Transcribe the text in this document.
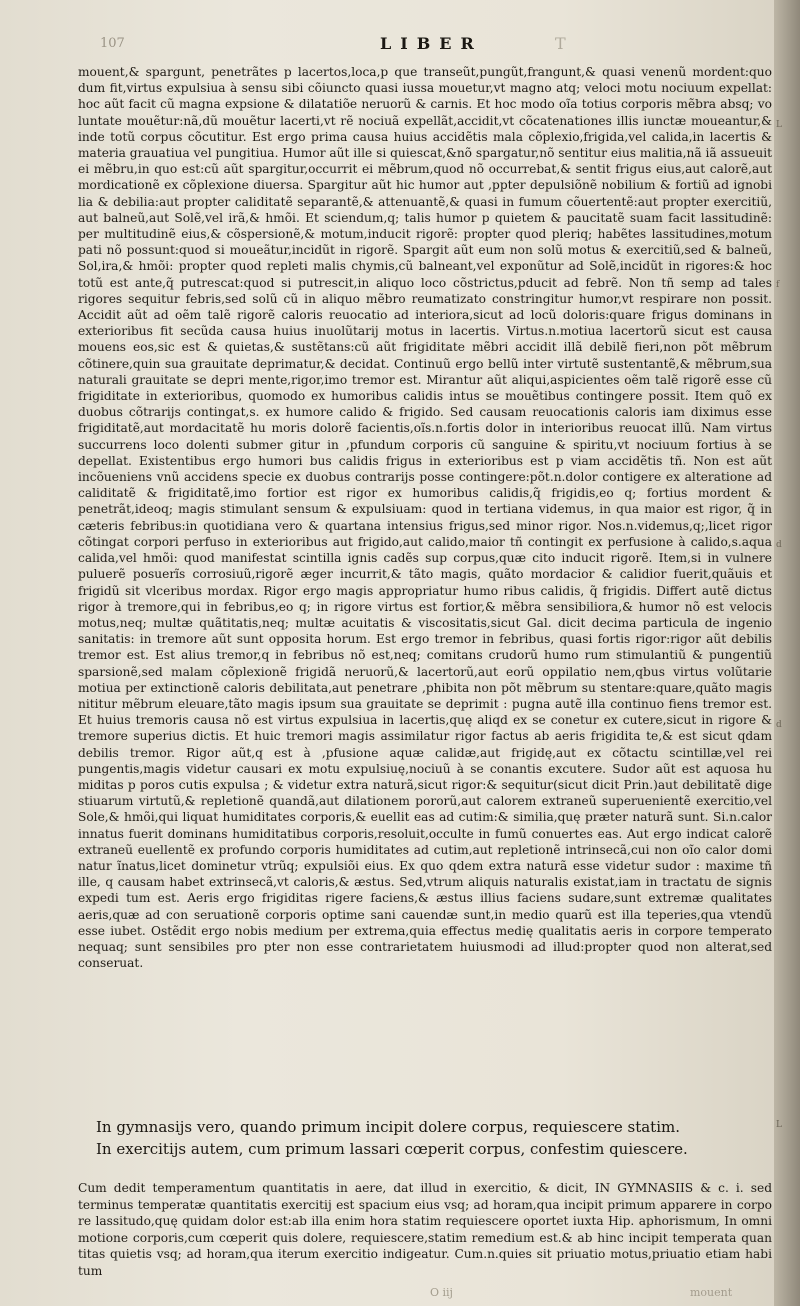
107	LIBER	T

mouent,& spargunt, penetrãtes p lacertos,loca,p que transeũt,pungũt,frangunt,& quasi venenũ mordent:quo dum fit,virtus expulsiua à sensu sibi cõiuncto quasi iussa mouetur,vt magno atq; veloci motu nociuum expellat: hoc aũt facit cũ magna expsione & dilatatiõe neruorũ & carnis. Et hoc modo oĩa totius corporis mẽbra absq; vo luntate mouẽtur:nã,dũ mouẽtur lacerti,vt rẽ nociuã expellãt,accidit,vt cõcatenationes illis iunctæ moueantur,& inde totũ corpus cõcutitur. Est ergo prima causa huius accidẽtis mala cõplexio,frigida,vel calida,in lacertis & materia grauatiua vel pungitiua. Humor aũt ille si quiescat,&nõ spargatur,nõ sentitur eius malitia,nã iã assueuit ei mẽbru,in quo est:cũ aũt spargitur,occurrit ei mẽbrum,quod nõ occurrebat,& sentit frigus eius,aut calorẽ,aut mordicationẽ ex cõplexione diuersa. Spargitur aũt hic humor aut ,ppter depulsiõnẽ nobilium & fortiũ ad ignobi lia & debilia:aut propter caliditatẽ separantẽ,& attenuantẽ,& quasi in fumum cõuertentẽ:aut propter exercitiũ, aut balneũ,aut Solẽ,vel irã,& hmõi. Et sciendum,q; talis humor p quietem & paucitatẽ suam facit lassitudinẽ: per multitudinẽ eius,& cõspersionẽ,& motum,inducit rigorẽ: propter quod pleriq; habẽtes lassitudines,motum pati nõ possunt:quod si moueãtur,incidũt in rigorẽ. Spargit aũt eum non solũ motus & exercitiũ,sed & balneũ, Sol,ira,& hmõi: propter quod repleti malis chymis,cũ balneant,vel exponũtur ad Solẽ,incidũt in rigores:& hoc totũ est ante,q̃ putrescat:quod si putrescit,in aliquo loco cõstrictus,pducit ad febrẽ. Non tñ semp ad tales rigores sequitur febris,sed solũ cũ in aliquo mẽbro reumatizato constringitur humor,vt respirare non possit. Accidit aũt ad oẽm talẽ rigorẽ caloris reuocatio ad interiora,sicut ad locũ doloris:quare frigus dominans in exterioribus fit secũda causa huius inuolũtarij motus in lacertis. Virtus.n.motiua lacertorũ sicut est causa mouens eos,sic est & quietas,& sustẽtans:cũ aũt frigiditate mẽbri accidit illã debilẽ fieri,non põt mẽbrum cõtinere,quin sua grauitate deprimatur,& decidat. Continuũ ergo bellũ inter virtutẽ sustentantẽ,& mẽbrum,sua naturali grauitate se depri mente,rigor,imo tremor est. Mirantur aũt aliqui,aspicientes oẽm talẽ rigorẽ esse cũ frigiditate in exterioribus, quomodo ex humoribus calidis intus se mouẽtibus contingere possit. Item quõ ex duobus cõtrarijs contingat,s. ex humore calido & frigido. Sed causam reuocationis caloris iam diximus esse frigiditatẽ,aut mordacitatẽ hu moris dolorẽ facientis,oĩs.n.fortis dolor in interioribus reuocat illũ. Nam virtus succurrens loco dolenti submer gitur in ,pfundum corporis cũ sanguine & spiritu,vt nociuum fortius à se depellat. Existentibus ergo humori bus calidis frigus in exterioribus est p viam accidẽtis tñ. Non est aũt incõueniens vnũ accidens specie ex duobus contrarijs posse contingere:põt.n.dolor contigere ex alteratione ad caliditatẽ & frigiditatẽ,imo fortior est rigor ex humoribus calidis,q̃ frigidis,eo q; fortius mordent & penetrãt,ideoq; magis stimulant sensum & expulsiuam: quod in tertiana videmus, in qua maior est rigor, q̃ in cæteris febribus:in quotidiana vero & quartana intensius frigus,sed minor rigor. Nos.n.videmus,q;,licet rigor cõtingat corpori perfuso in exterioribus aut frigido,aut calido,maior tñ contingit ex perfusione à calido,s.aqua calida,vel hmõi: quod manifestat scintilla ignis cadẽs sup corpus,quæ cito inducit rigorẽ. Item,si in vulnere puluerẽ posuerĩs corrosiuũ,rigorẽ æger incurrit,& tãto magis, quãto mordacior & calidior fuerit,quãuis et frigidũ sit vlceribus mordax. Rigor ergo magis appropriatur humo ribus calidis, q̃ frigidis. Differt autẽ dictus rigor à tremore,qui in febribus,eo q; in rigore virtus est fortior,& mẽbra sensibiliora,& humor nõ est velocis motus,neq; multæ quãtitatis,neq; multæ acuitatis & viscositatis,sicut Gal. dicit decima particula de ingenio sanitatis: in tremore aũt sunt opposita horum. Est ergo tremor in febribus, quasi fortis rigor:rigor aũt debilis tremor est. Est alius tremor,q in febribus nõ est,neq; comitans crudorũ humo rum stimulantiũ & pungentiũ sparsionẽ,sed malam cõplexionẽ frigidã neruorũ,& lacertorũ,aut eorũ oppilatio nem,qbus virtus volũtarie motiua per extinctionẽ caloris debilitata,aut penetrare ,phibita non põt mẽbrum su stentare:quare,quãto magis nititur mẽbrum eleuare,tãto magis ipsum sua grauitate se deprimit : pugna autẽ illa continuo fiens tremor est. Et huius tremoris causa nõ est virtus expulsiua in lacertis,quę aliqd ex se conetur ex cutere,sicut in rigore & tremore superius dictis. Et huic tremori magis assimilatur rigor factus ab aeris frigidita te,& est sicut qdam debilis tremor. Rigor aũt,q est à ,pfusione aquæ calidæ,aut frigidę,aut ex cõtactu scintillæ,vel rei pungentis,magis videtur causari ex motu expulsiuę,nociuũ à se conantis excutere. Sudor aũt est aquosa hu miditas p poros cutis expulsa ; & videtur extra naturã,sicut rigor:& sequitur(sicut dicit Prin.)aut debilitatẽ dige stiuarum virtutũ,& repletionẽ quandã,aut dilationem pororũ,aut calorem extraneũ superuenientẽ exercitio,vel Sole,& hmõi,qui liquat humiditates corporis,& euellit eas ad cutim:& similia,quę præter naturã sunt. Si.n.calor innatus fuerit dominans humiditatibus corporis,resoluit,occulte in fumũ conuertes eas. Aut ergo indicat calorẽ extraneũ euellentẽ ex profundo corporis humiditates ad cutim,aut repletionẽ intrinsecã,cui non oĩo calor domi natur ĩnatus,licet dominetur vtrũq; expulsiõi eius. Ex quo qdem extra naturã esse videtur sudor : maxime tñ ille, q causam habet extrinsecã,vt caloris,& æstus. Sed,vtrum aliquis naturalis existat,iam in tractatu de signis expedi tum est. Aeris ergo frigiditas rigere faciens,& æstus illius faciens sudare,sunt extremæ qualitates aeris,quæ ad con seruationẽ corporis optime sani cauendæ sunt,in medio quarũ est illa teperies,qua vtendũ esse iubet. Ostẽdit ergo nobis medium per extrema,quia effectus medię qualitatis aeris in corpore temperato nequaq; sunt sensibiles pro pter non esse contrarietatem huiusmodi ad illud:propter quod non alterat,sed conseruat.

In gymnasijs vero, quando primum incipit dolere corpus, requiescere statim.
In exercitijs autem, cum primum lassari cœperit corpus, confestim quiescere.

Cum dedit temperamentum quantitatis in aere, dat illud in exercitio, & dicit, IN GYMNASIIS & c. i. sed terminus temperatæ quantitatis exercitij est spacium eius vsq; ad horam,qua incipit primum apparere in corpo re lassitudo,quę quidam dolor est:ab illa enim hora statim requiescere oportet iuxta Hip. aphorismum, In omni motione corporis,cum cœperit quis dolere, requiescere,statim remedium est.& ab hinc incipit temperata quan titas quietis vsq; ad horam,qua iterum exercitio indigeatur. Cum.n.quies sit priuatio motus,priuatio etiam habi tum

L
f
d
d
L
O iij	mouent
